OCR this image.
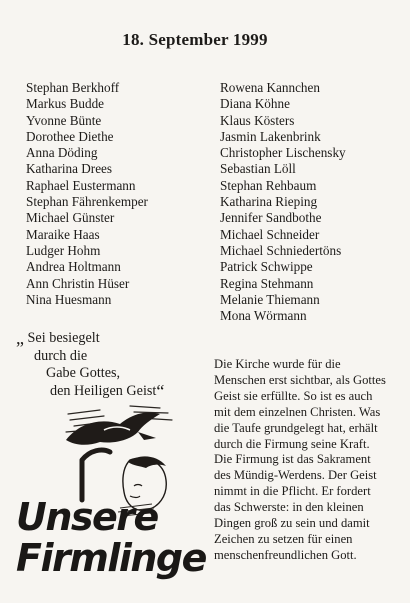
18. September 1999
Stephan Berkhoff
Markus Budde
Yvonne Bünte
Dorothee Diethe
Anna Döding
Katharina Drees
Raphael Eustermann
Stephan Fährenkemper
Michael Günster
Maraike Haas
Ludger Hohm
Andrea Holtmann
Ann Christin Hüser
Nina Huesmann
Rowena Kannchen
Diana Köhne
Klaus Kösters
Jasmin Lakenbrink
Christopher Lischensky
Sebastian Löll
Stephan Rehbaum
Katharina Rieping
Jennifer Sandbothe
Michael Schneider
Michael Schniedertöns
Patrick Schwippe
Regina Stehmann
Melanie Thiemann
Mona Wörmann
„ Sei besiegelt
durch die
Gabe Gottes,
den Heiligen Geist“
Die Kirche wurde für die
Menschen erst sichtbar, als Gottes
Geist sie erfüllte. So ist es auch
mit dem einzelnen Christen. Was
die Taufe grundgelegt hat, erhält
durch die Firmung seine Kraft.
Die Firmung ist das Sakrament
des Mündig-Werdens. Der Geist
nimmt in die Pflicht. Er fordert
das Schwerste: in den kleinen
Dingen groß zu sein und damit
Zeichen zu setzen für einen
menschenfreundlichen Gott.
Unsere
Firmlinge
